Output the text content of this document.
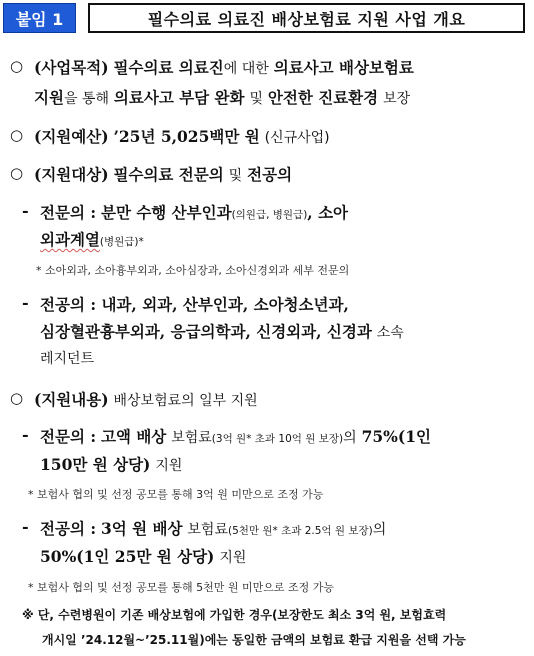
붙임 1	필수의료 의료진 배상보험료 지원 사업 개요
○ (사업목적) 필수의료 의료진에 대한 의료사고 배상보험료
지원을 통해 의료사고 부담 완화 및 안전한 진료환경 보장
○ (지원예산) ’25년 5,025백만 원 (신규사업)
○ (지원대상) 필수의료 전문의 및 전공의
- 전문의 : 분만 수행 산부인과(의원급, 병원급), 소아
외과계열(병원급)*
* 소아외과, 소아흉부외과, 소아심장과, 소아신경외과 세부 전문의
- 전공의 : 내과, 외과, 산부인과, 소아청소년과,
심장혈관흉부외과, 응급의학과, 신경외과, 신경과 소속
레지던트
○ (지원내용) 배상보험료의 일부 지원
- 전문의 : 고액 배상 보험료(3억 원* 초과 10억 원 보장)의 75%(1인
150만 원 상당) 지원
* 보험사 협의 및 선정 공모를 통해 3억 원 미만으로 조정 가능
- 전공의 : 3억 원 배상 보험료(5천만 원* 초과 2.5억 원 보장)의
50%(1인 25만 원 상당) 지원
* 보험사 협의 및 선정 공모를 통해 5천만 원 미만으로 조정 가능
※ 단, 수련병원이 기존 배상보험에 가입한 경우(보장한도 최소 3억 원, 보험효력
개시일 ’24.12월~’25.11월)에는 동일한 금액의 보험료 환급 지원을 선택 가능
